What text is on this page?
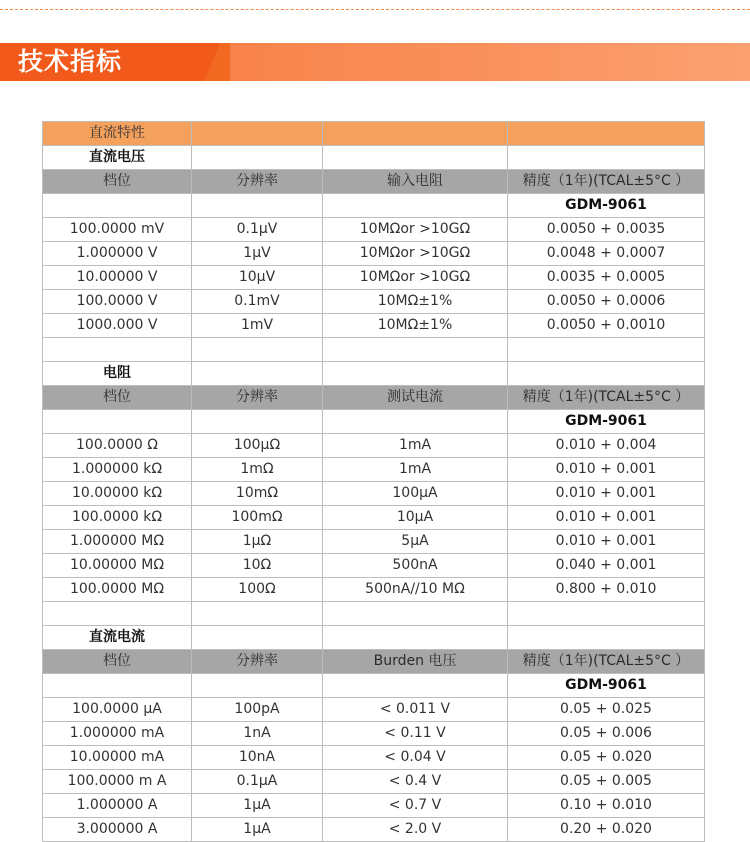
技术指标
直流特性			
直流电压			
档位	分辨率	输入电阻	精度（1年)(TCAL±5°C ）
			GDM-9061
100.0000 mV	0.1μV	10MΩor >10GΩ	0.0050 + 0.0035
1.000000 V	1μV	10MΩor >10GΩ	0.0048 + 0.0007
10.00000 V	10μV	10MΩor >10GΩ	0.0035 + 0.0005
100.0000 V	0.1mV	10MΩ±1%	0.0050 + 0.0006
1000.000 V	1mV	10MΩ±1%	0.0050 + 0.0010

电阻			
档位	分辨率	测试电流	精度（1年)(TCAL±5°C ）
			GDM-9061
100.0000 Ω	100μΩ	1mA	0.010 + 0.004
1.000000 kΩ	1mΩ	1mA	0.010 + 0.001
10.00000 kΩ	10mΩ	100μA	0.010 + 0.001
100.0000 kΩ	100mΩ	10μA	0.010 + 0.001
1.000000 MΩ	1μΩ	5μA	0.010 + 0.001
10.00000 MΩ	10Ω	500nA	0.040 + 0.001
100.0000 MΩ	100Ω	500nA//10 MΩ	0.800 + 0.010

直流电流			
档位	分辨率	Burden 电压	精度（1年)(TCAL±5°C ）
			GDM-9061
100.0000 μA	100pA	< 0.011 V	0.05 + 0.025
1.000000 mA	1nA	< 0.11 V	0.05 + 0.006
10.00000 mA	10nA	< 0.04 V	0.05 + 0.020
100.0000 m A	0.1μA	< 0.4 V	0.05 + 0.005
1.000000 A	1μA	< 0.7 V	0.10 + 0.010
3.000000 A	1μA	< 2.0 V	0.20 + 0.020
